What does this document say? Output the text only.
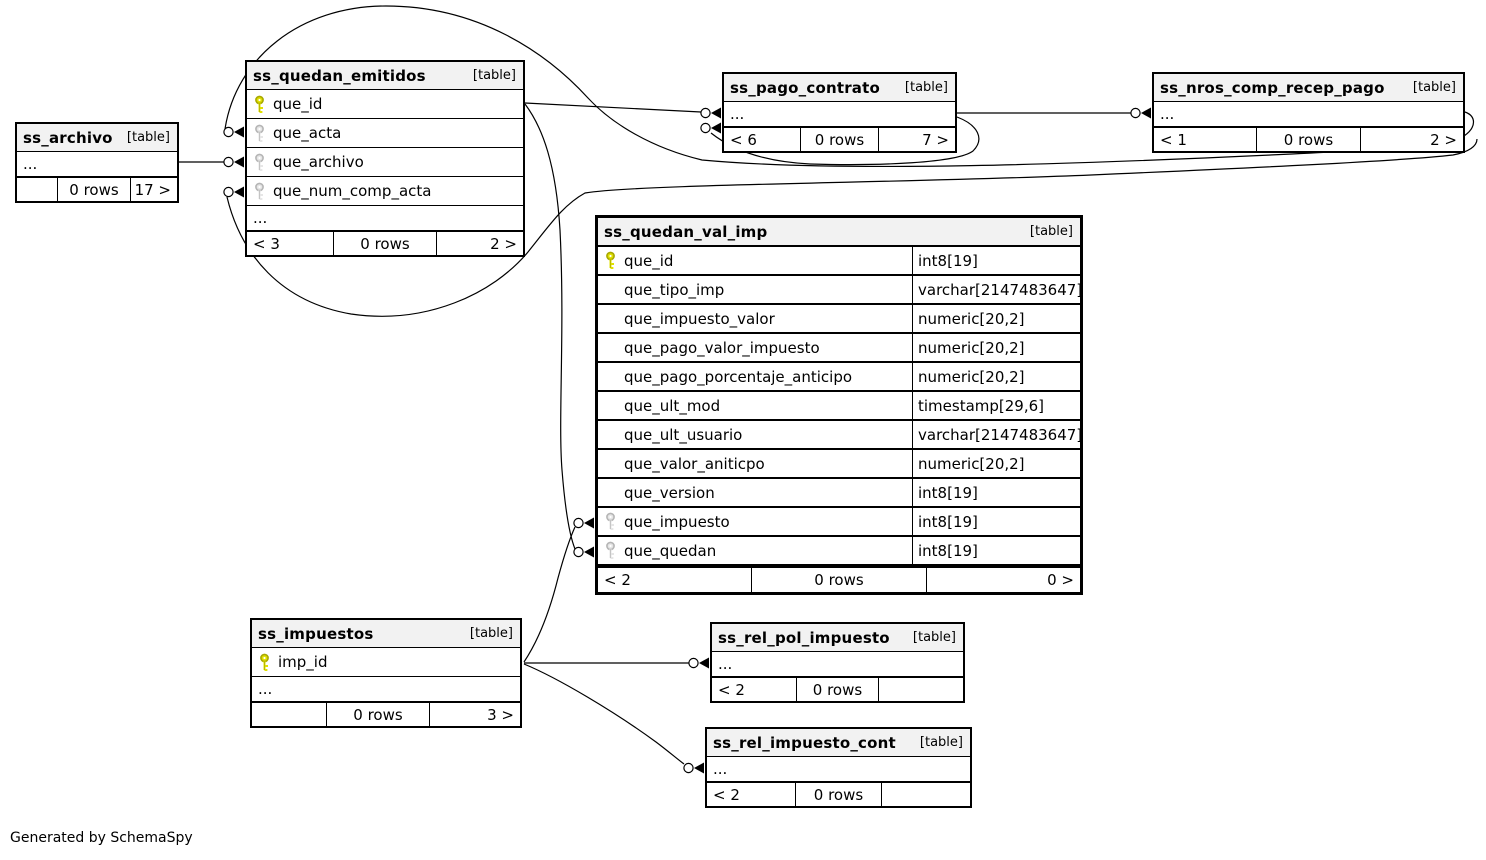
Generated by SchemaSpy
ss_archivo	[table]
...
0 rows	17 >
ss_quedan_emitidos	[table]
que_id
que_acta
que_archivo
que_num_comp_acta
...
< 3	0 rows	2 >
ss_pago_contrato	[table]
...
< 6	0 rows	7 >
ss_nros_comp_recep_pago	[table]
...
< 1	0 rows	2 >
ss_quedan_val_imp	[table]
que_id	int8[19]
que_tipo_imp	varchar[2147483647]
que_impuesto_valor	numeric[20,2]
que_pago_valor_impuesto	numeric[20,2]
que_pago_porcentaje_anticipo	numeric[20,2]
que_ult_mod	timestamp[29,6]
que_ult_usuario	varchar[2147483647]
que_valor_aniticpo	numeric[20,2]
que_version	int8[19]
que_impuesto	int8[19]
que_quedan	int8[19]
< 2	0 rows	0 >
ss_impuestos	[table]
imp_id
...
0 rows	3 >
ss_rel_pol_impuesto	[table]
...
< 2	0 rows
ss_rel_impuesto_cont	[table]
...
< 2	0 rows
